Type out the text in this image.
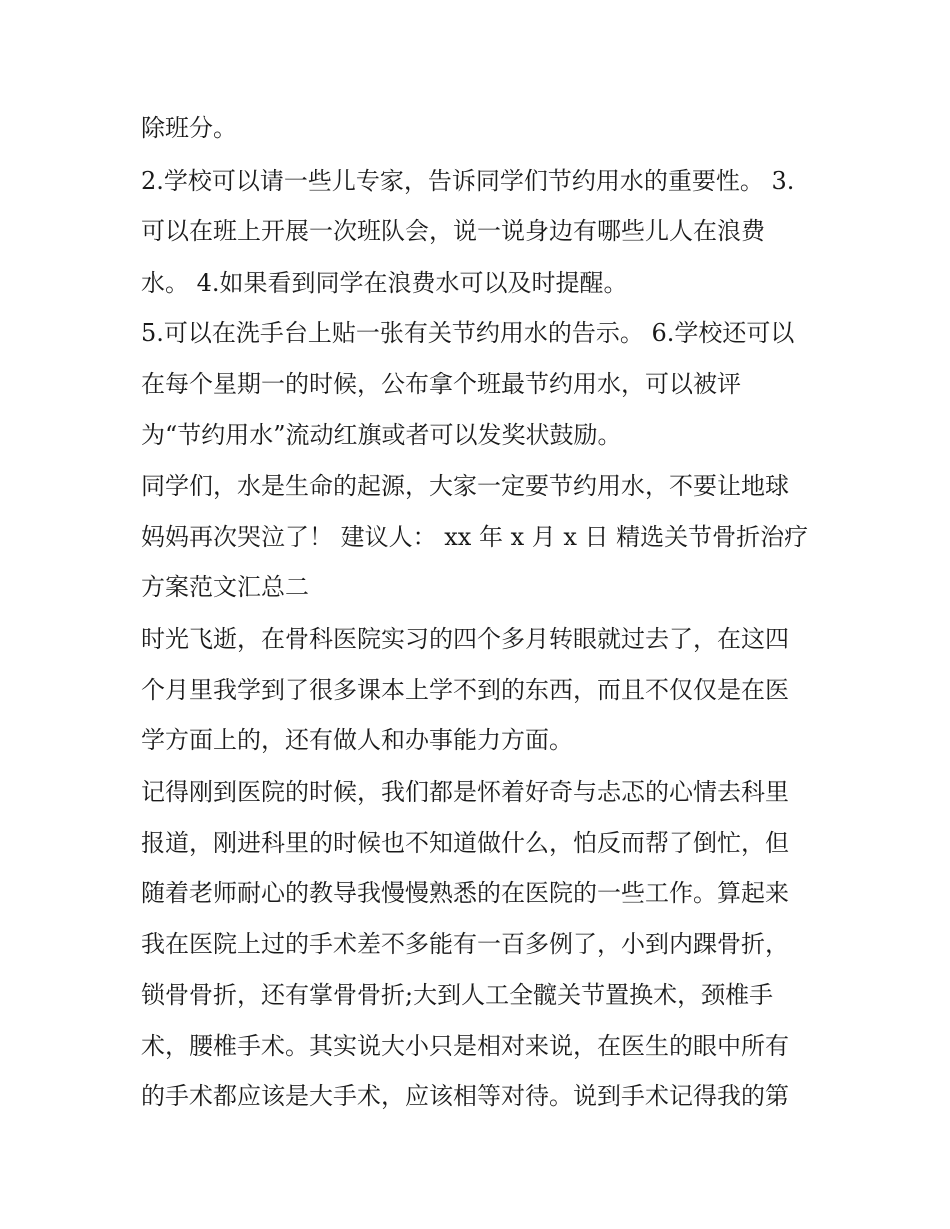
除班分。
2.学校可以请一些儿专家，告诉同学们节约用水的重要性。 3.
可以在班上开展一次班队会，说一说身边有哪些儿人在浪费
水。 4.如果看到同学在浪费水可以及时提醒。
5.可以在洗手台上贴一张有关节约用水的告示。 6.学校还可以
在每个星期一的时候，公布拿个班最节约用水，可以被评
为“节约用水”流动红旗或者可以发奖状鼓励。
同学们，水是生命的起源，大家一定要节约用水，不要让地球
妈妈再次哭泣了！ 建议人： xx 年 x 月 x 日 精选关节骨折治疗
方案范文汇总二
时光飞逝，在骨科医院实习的四个多月转眼就过去了，在这四
个月里我学到了很多课本上学不到的东西，而且不仅仅是在医
学方面上的，还有做人和办事能力方面。
记得刚到医院的时候，我们都是怀着好奇与忐忑的心情去科里
报道，刚进科里的时候也不知道做什么，怕反而帮了倒忙，但
随着老师耐心的教导我慢慢熟悉的在医院的一些工作。算起来
我在医院上过的手术差不多能有一百多例了，小到内踝骨折，
锁骨骨折，还有掌骨骨折;大到人工全髋关节置换术，颈椎手
术，腰椎手术。其实说大小只是相对来说，在医生的眼中所有
的手术都应该是大手术，应该相等对待。说到手术记得我的第
